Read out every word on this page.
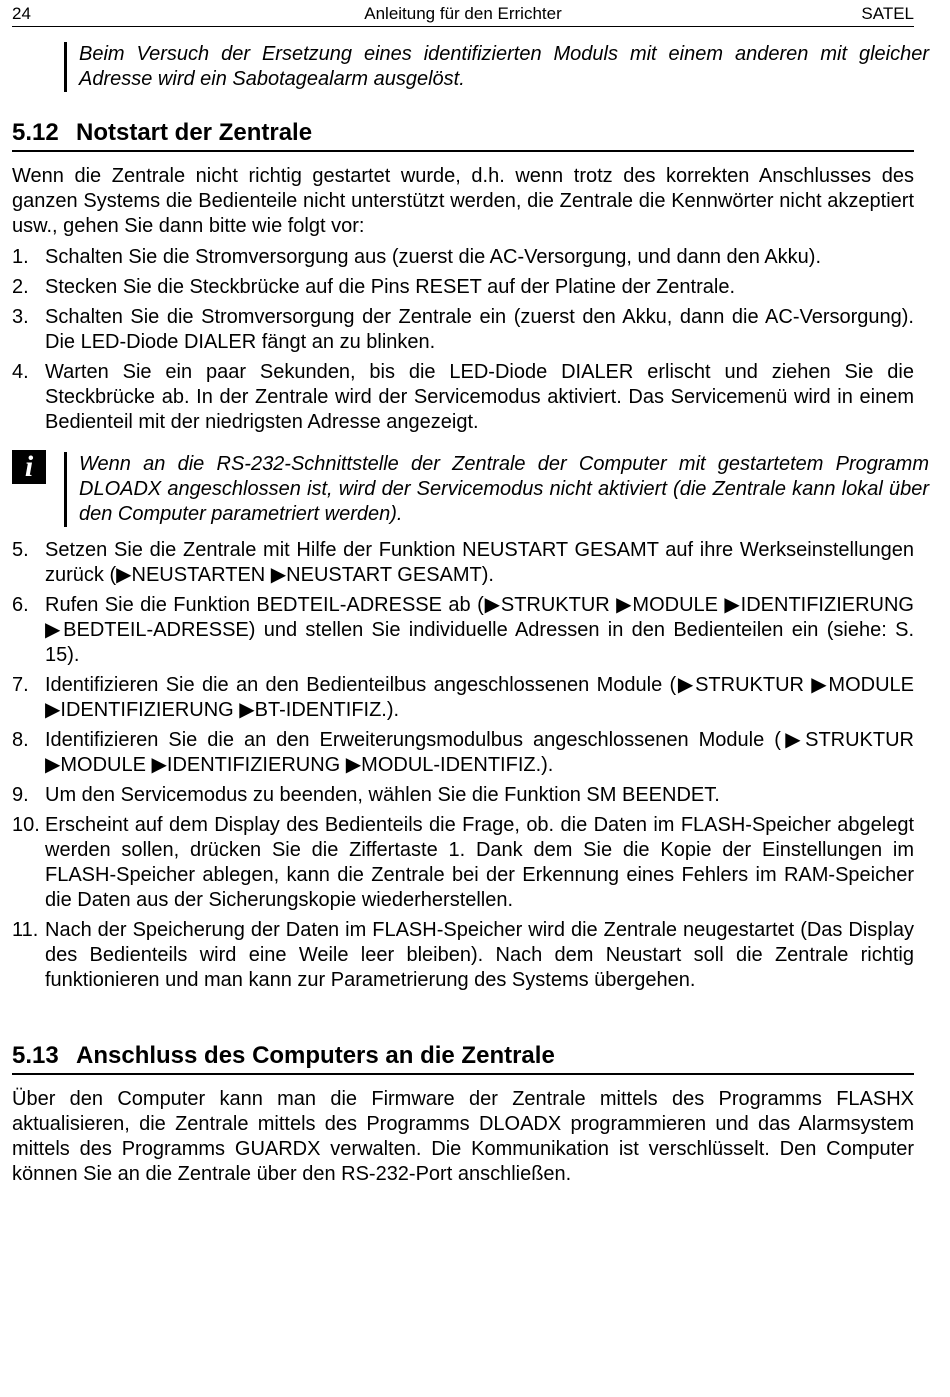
24	Anleitung für den Errichter	SATEL
Beim Versuch der Ersetzung eines identifizierten Moduls mit einem anderen mit gleicher Adresse wird ein Sabotagealarm ausgelöst.
5.12 Notstart der Zentrale
Wenn die Zentrale nicht richtig gestartet wurde, d.h. wenn trotz des korrekten Anschlusses des ganzen Systems die Bedienteile nicht unterstützt werden, die Zentrale die Kennwörter nicht akzeptiert usw., gehen Sie dann bitte wie folgt vor:
1. Schalten Sie die Stromversorgung aus (zuerst die AC-Versorgung, und dann den Akku).
2. Stecken Sie die Steckbrücke auf die Pins RESET auf der Platine der Zentrale.
3. Schalten Sie die Stromversorgung der Zentrale ein (zuerst den Akku, dann die AC-Versorgung). Die LED-Diode DIALER fängt an zu blinken.
4. Warten Sie ein paar Sekunden, bis die LED-Diode DIALER erlischt und ziehen Sie die Steckbrücke ab. In der Zentrale wird der Servicemodus aktiviert. Das Servicemenü wird in einem Bedienteil mit der niedrigsten Adresse angezeigt.
i	Wenn an die RS-232-Schnittstelle der Zentrale der Computer mit gestartetem Programm DLOADX angeschlossen ist, wird der Servicemodus nicht aktiviert (die Zentrale kann lokal über den Computer parametriert werden).
5. Setzen Sie die Zentrale mit Hilfe der Funktion NEUSTART GESAMT auf ihre Werkseinstellungen zurück (▶NEUSTARTEN ▶NEUSTART GESAMT).
6. Rufen Sie die Funktion BEDTEIL-ADRESSE ab (▶STRUKTUR ▶MODULE ▶IDENTIFIZIERUNG ▶BEDTEIL-ADRESSE) und stellen Sie individuelle Adressen in den Bedienteilen ein (siehe: S. 15).
7. Identifizieren Sie die an den Bedienteilbus angeschlossenen Module (▶STRUKTUR ▶MODULE ▶IDENTIFIZIERUNG ▶BT-IDENTIFIZ.).
8. Identifizieren Sie die an den Erweiterungsmodulbus angeschlossenen Module (▶STRUKTUR ▶MODULE ▶IDENTIFIZIERUNG ▶MODUL-IDENTIFIZ.).
9. Um den Servicemodus zu beenden, wählen Sie die Funktion SM BEENDET.
10. Erscheint auf dem Display des Bedienteils die Frage, ob. die Daten im FLASH-Speicher abgelegt werden sollen, drücken Sie die Ziffertaste 1. Dank dem Sie die Kopie der Einstellungen im FLASH-Speicher ablegen, kann die Zentrale bei der Erkennung eines Fehlers im RAM-Speicher die Daten aus der Sicherungskopie wiederherstellen.
11. Nach der Speicherung der Daten im FLASH-Speicher wird die Zentrale neugestartet (Das Display des Bedienteils wird eine Weile leer bleiben). Nach dem Neustart soll die Zentrale richtig funktionieren und man kann zur Parametrierung des Systems übergehen.
5.13 Anschluss des Computers an die Zentrale
Über den Computer kann man die Firmware der Zentrale mittels des Programms FLASHX aktualisieren, die Zentrale mittels des Programms DLOADX programmieren und das Alarmsystem mittels des Programms GUARDX verwalten. Die Kommunikation ist verschlüsselt. Den Computer können Sie an die Zentrale über den RS-232-Port anschließen.
